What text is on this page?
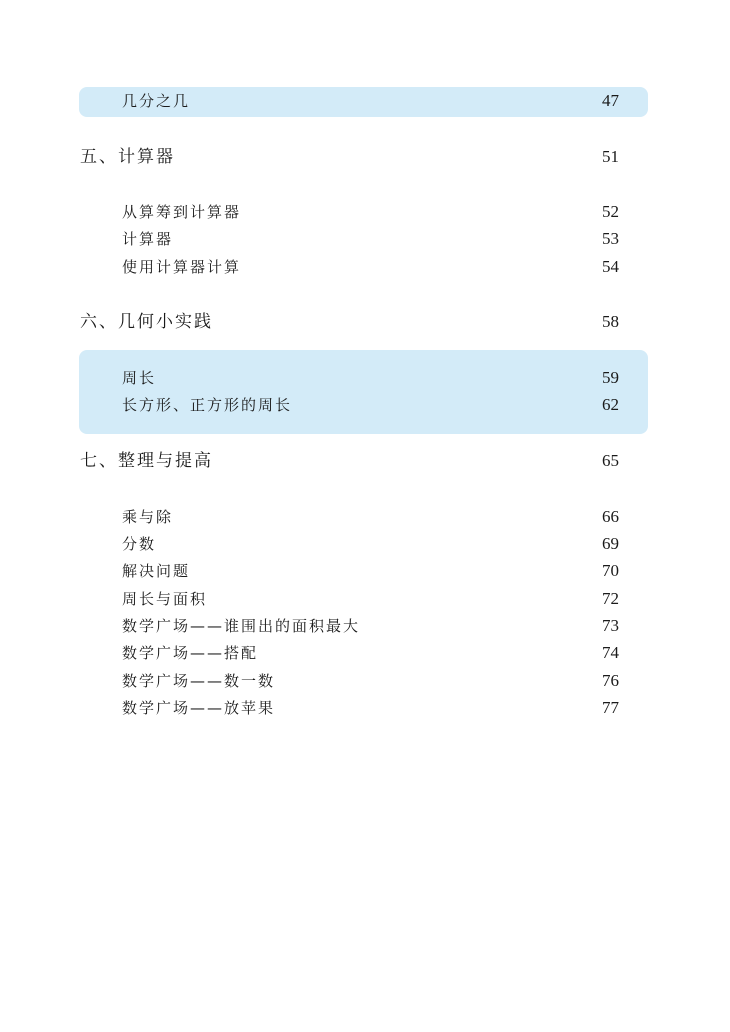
几分之几	47
五、计算器	51
从算筹到计算器	52
计算器	53
使用计算器计算	54
六、几何小实践	58
周长	59
长方形、正方形的周长	62
七、整理与提高	65
乘与除	66
分数	69
解决问题	70
周长与面积	72
数学广场——谁围出的面积最大	73
数学广场——搭配	74
数学广场——数一数	76
数学广场——放苹果	77
